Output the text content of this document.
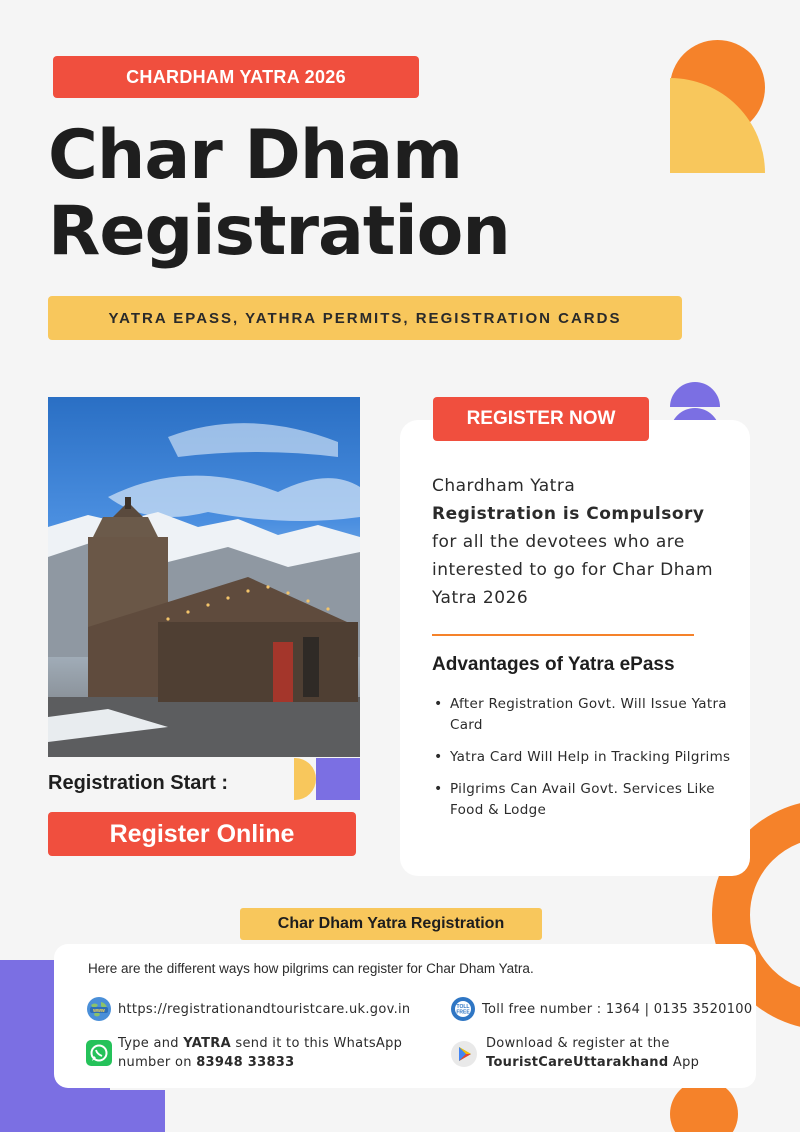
CHARDHAM YATRA 2026
Char Dham
Registration
YATRA EPASS, YATHRA PERMITS, REGISTRATION CARDS
Registration Start :
Register Online
REGISTER NOW
Chardham Yatra
Registration is Compulsory
for all the devotees who are interested to go for Char Dham Yatra 2026
Advantages of Yatra ePass
• After Registration Govt. Will Issue Yatra Card
• Yatra Card Will Help in Tracking Pilgrims
• Pilgrims Can Avail Govt. Services Like Food & Lodge
Char Dham Yatra Registration
Here are the different ways how pilgrims can register for Char Dham Yatra.
www https://registrationandtouristcare.uk.gov.in	TOLL
FREE Toll free number : 1364 | 0135 3520100
Type and YATRA send it to this WhatsApp number on 83948 33833
Download & register at the
TouristCareUttarakhand App
